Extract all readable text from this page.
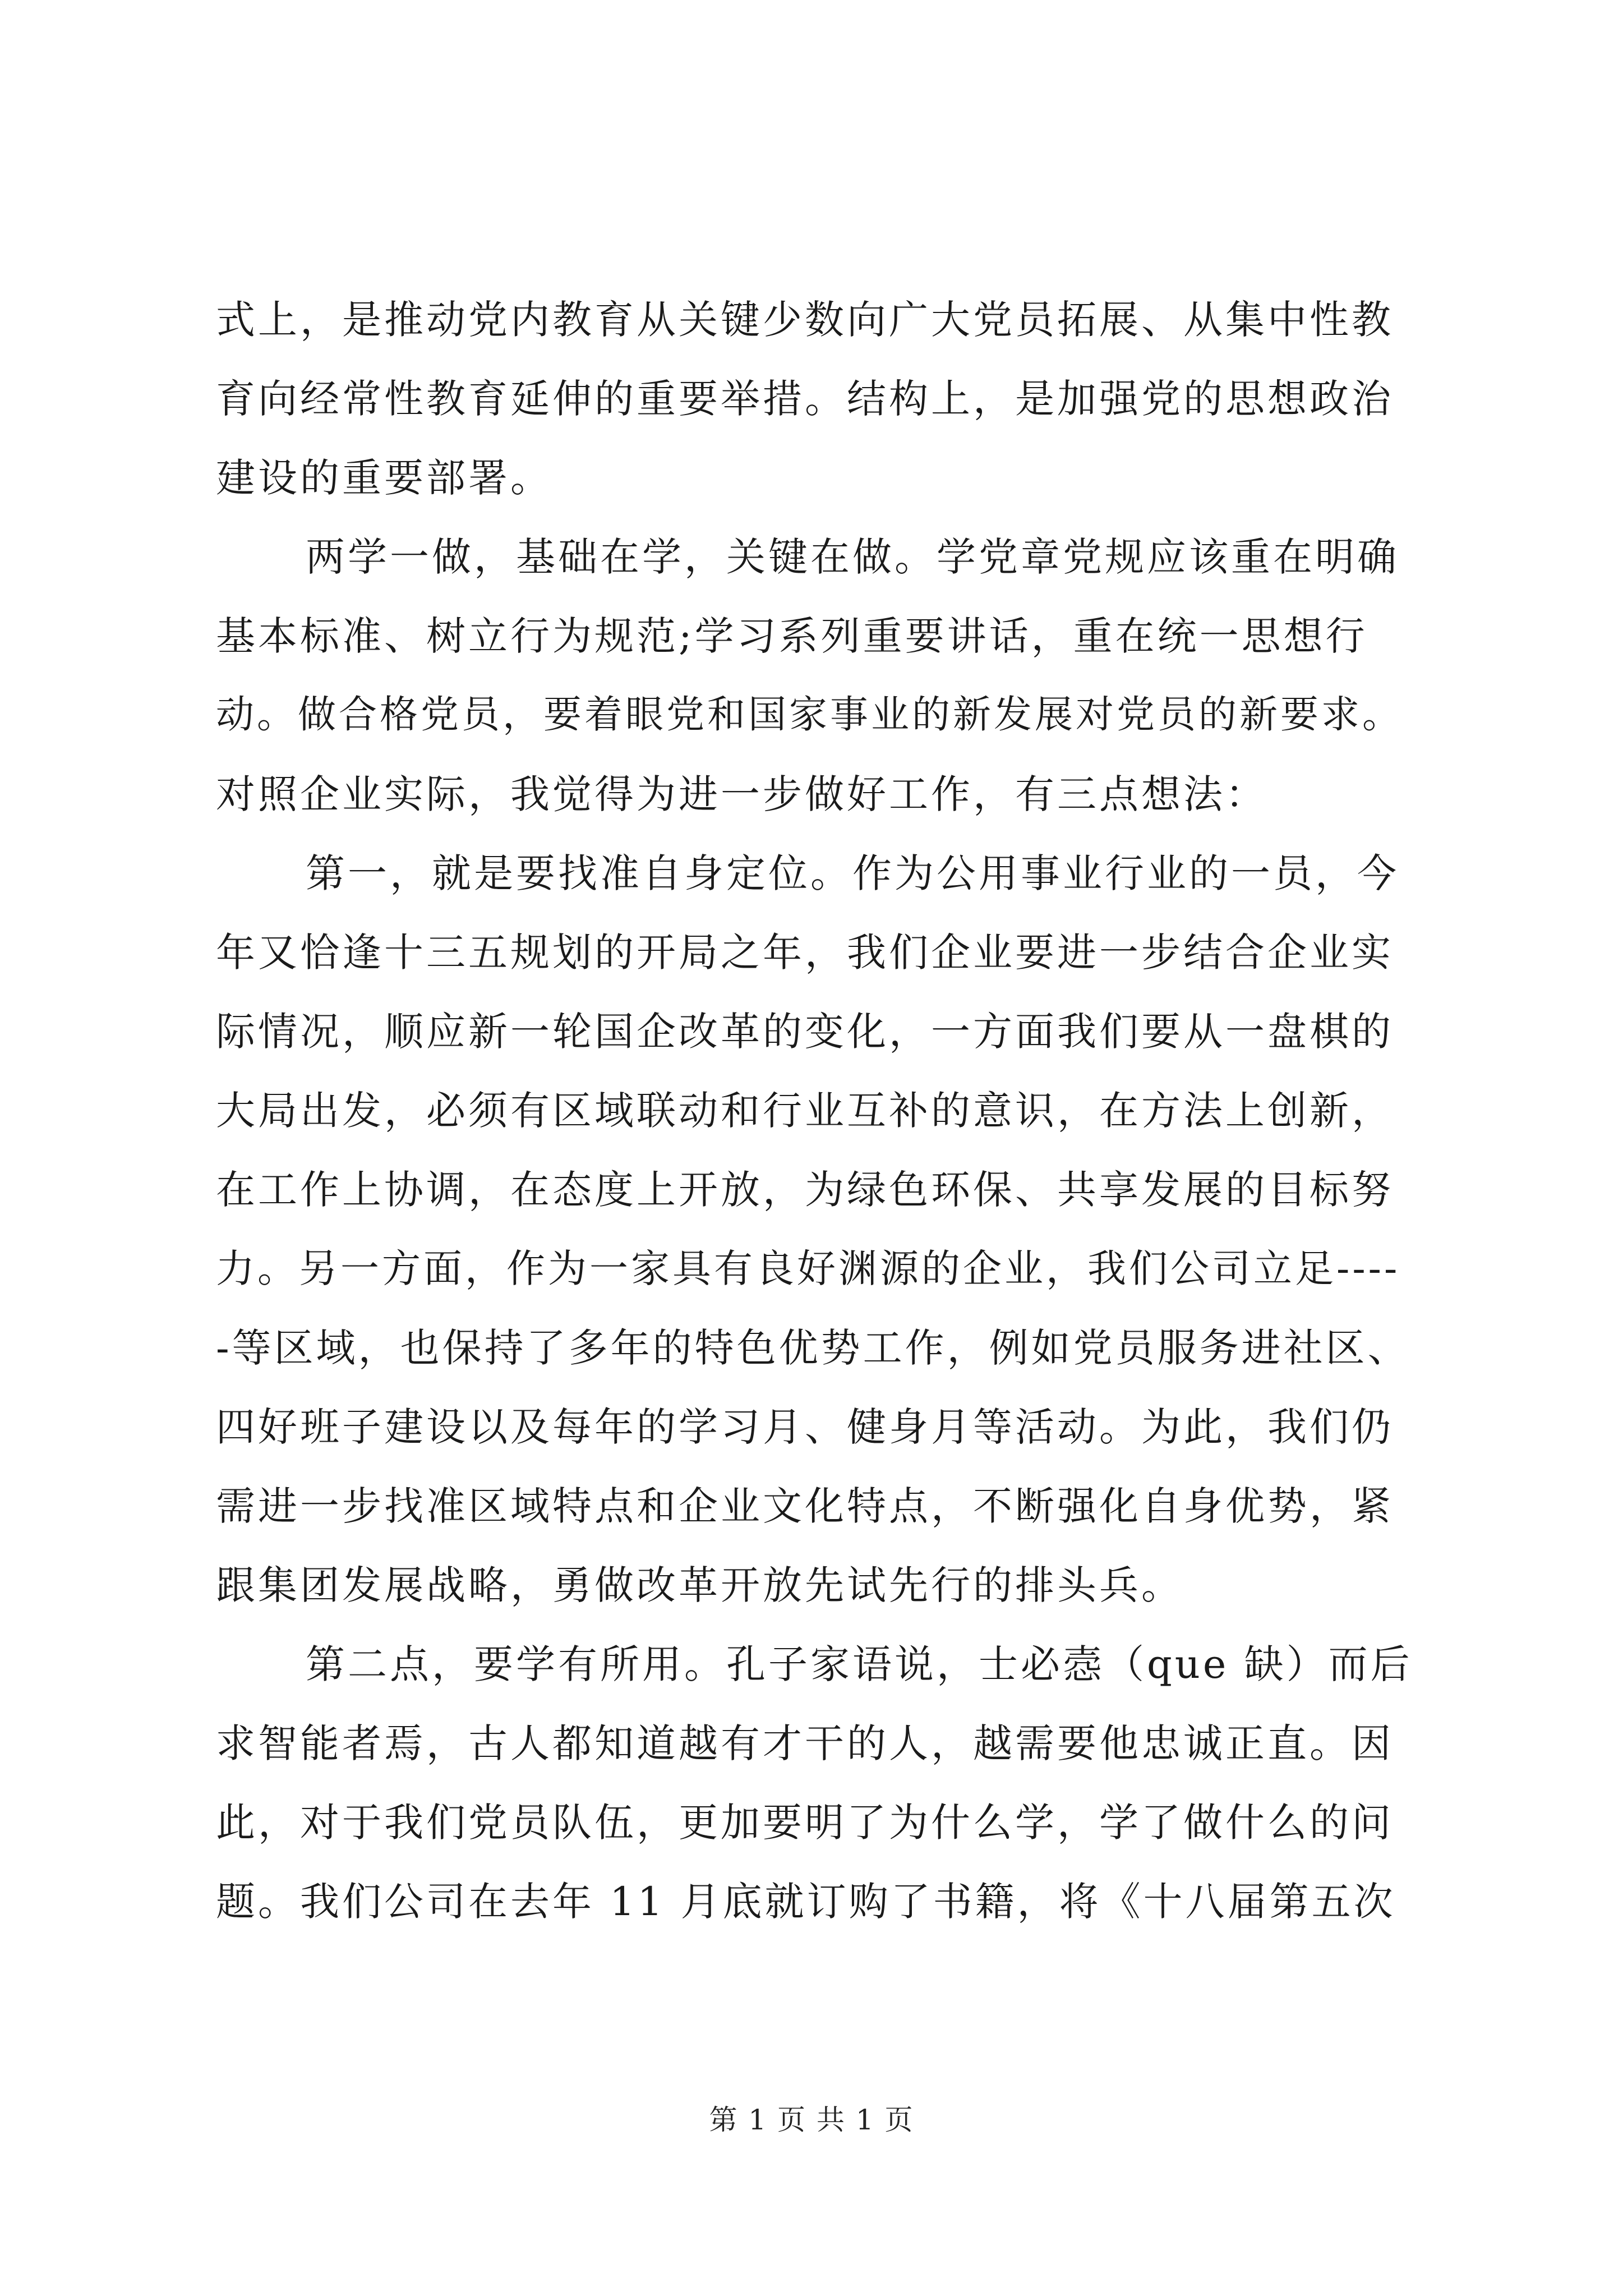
式上，是推动党内教育从关键少数向广大党员拓展、从集中性教
育向经常性教育延伸的重要举措。结构上，是加强党的思想政治
建设的重要部署。
两学一做，基础在学，关键在做。学党章党规应该重在明确
基本标准、树立行为规范;学习系列重要讲话，重在统一思想行
动。做合格党员，要着眼党和国家事业的新发展对党员的新要求。
对照企业实际，我觉得为进一步做好工作，有三点想法：
第一，就是要找准自身定位。作为公用事业行业的一员，今
年又恰逢十三五规划的开局之年，我们企业要进一步结合企业实
际情况，顺应新一轮国企改革的变化，一方面我们要从一盘棋的
大局出发，必须有区域联动和行业互补的意识，在方法上创新，
在工作上协调，在态度上开放，为绿色环保、共享发展的目标努
力。另一方面，作为一家具有良好渊源的企业，我们公司立足----
-等区域，也保持了多年的特色优势工作，例如党员服务进社区、
四好班子建设以及每年的学习月、健身月等活动。为此，我们仍
需进一步找准区域特点和企业文化特点，不断强化自身优势，紧
跟集团发展战略，勇做改革开放先试先行的排头兵。
第二点，要学有所用。孔子家语说，士必悫（que 缺）而后
求智能者焉，古人都知道越有才干的人，越需要他忠诚正直。因
此，对于我们党员队伍，更加要明了为什么学，学了做什么的问
题。我们公司在去年 11 月底就订购了书籍，将《十八届第五次
第 1 页 共 1 页
